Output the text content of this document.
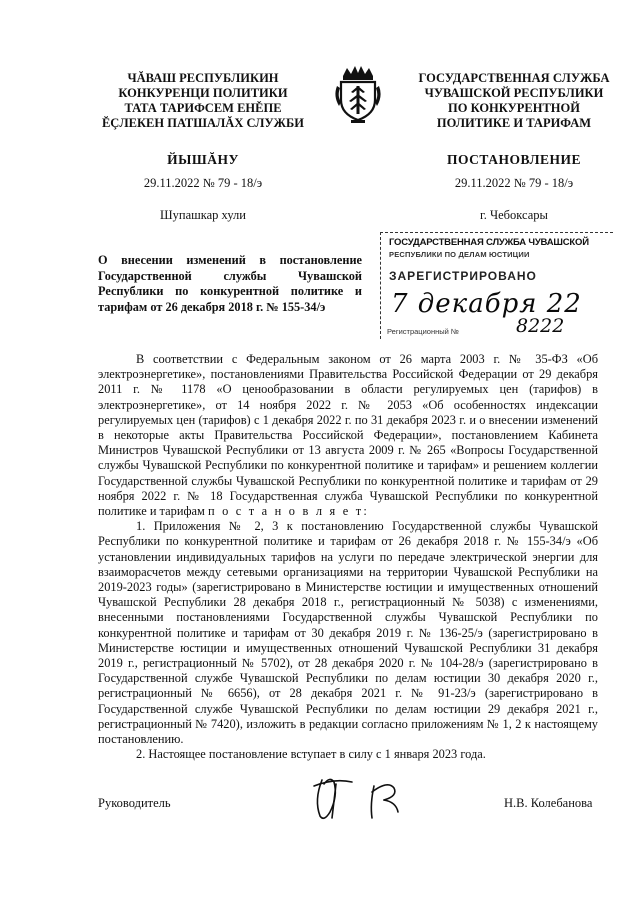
ЧĂВАШ РЕСПУБЛИКИН
КОНКУРЕНЦИ ПОЛИТИКИ
ТАТА ТАРИФСЕМ ЕНĚПЕ
ĔÇЛЕКЕН ПАТШАЛĂХ СЛУЖБИ
ГОСУДАРСТВЕННАЯ СЛУЖБА
ЧУВАШСКОЙ РЕСПУБЛИКИ
ПО КОНКУРЕНТНОЙ
ПОЛИТИКЕ И ТАРИФАМ
ЙЫШĂНУ	ПОСТАНОВЛЕНИЕ
29.11.2022 № 79 - 18/э	29.11.2022 № 79 - 18/э
Шупашкар хули	г. Чебоксары
О внесении изменений в постановление Государственной службы Чувашской Республики по конкурентной политике и тарифам от 26 декабря 2018 г. № 155-34/э
ГОСУДАРСТВЕННАЯ СЛУЖБА ЧУВАШСКОЙ
РЕСПУБЛИКИ ПО ДЕЛАМ ЮСТИЦИИ
ЗАРЕГИСТРИРОВАНО
7 декабря 22
8222
Регистрационный №

В соответствии с Федеральным законом от 26 марта 2003 г. № 35-ФЗ «Об электроэнергетике», постановлениями Правительства Российской Федерации от 29 декабря 2011 г. № 1178 «О ценообразовании в области регулируемых цен (тарифов) в электроэнергетике», от 14 ноября 2022 г. № 2053 «Об особенностях индексации регулируемых цен (тарифов) с 1 декабря 2022 г. по 31 декабря 2023 г. и о внесении изменений в некоторые акты Правительства Российской Федерации», постановлением Кабинета Министров Чувашской Республики от 13 августа 2009 г. № 265 «Вопросы Государственной службы Чувашской Республики по конкурентной политике и тарифам» и решением коллегии Государственной службы Чувашской Республики по конкурентной политике и тарифам от 29 ноября 2022 г. № 18 Государственная служба Чувашской Республики по конкурентной политике и тарифам п о с т а н о в л я е т:

1. Приложения № 2, 3 к постановлению Государственной службы Чувашской Республики по конкурентной политике и тарифам от 26 декабря 2018 г. № 155-34/э «Об установлении индивидуальных тарифов на услуги по передаче электрической энергии для взаиморасчетов между сетевыми организациями на территории Чувашской Республики на 2019-2023 годы» (зарегистрировано в Министерстве юстиции и имущественных отношений Чувашской Республики 28 декабря 2018 г., регистрационный № 5038) с изменениями, внесенными постановлениями Государственной службы Чувашской Республики по конкурентной политике и тарифам от 30 декабря 2019 г. № 136-25/э (зарегистрировано в Министерстве юстиции и имущественных отношений Чувашской Республики 31 декабря 2019 г., регистрационный № 5702), от 28 декабря 2020 г. № 104-28/э (зарегистрировано в Государственной службе Чувашской Республики по делам юстиции 30 декабря 2020 г., регистрационный № 6656), от 28 декабря 2021 г. № 91-23/э (зарегистрировано в Государственной службе Чувашской Республики по делам юстиции 29 декабря 2021 г., регистрационный № 7420), изложить в редакции согласно приложениям № 1, 2 к настоящему постановлению.

2. Настоящее постановление вступает в силу с 1 января 2023 года.

Руководитель	Н.В. Колебанова
